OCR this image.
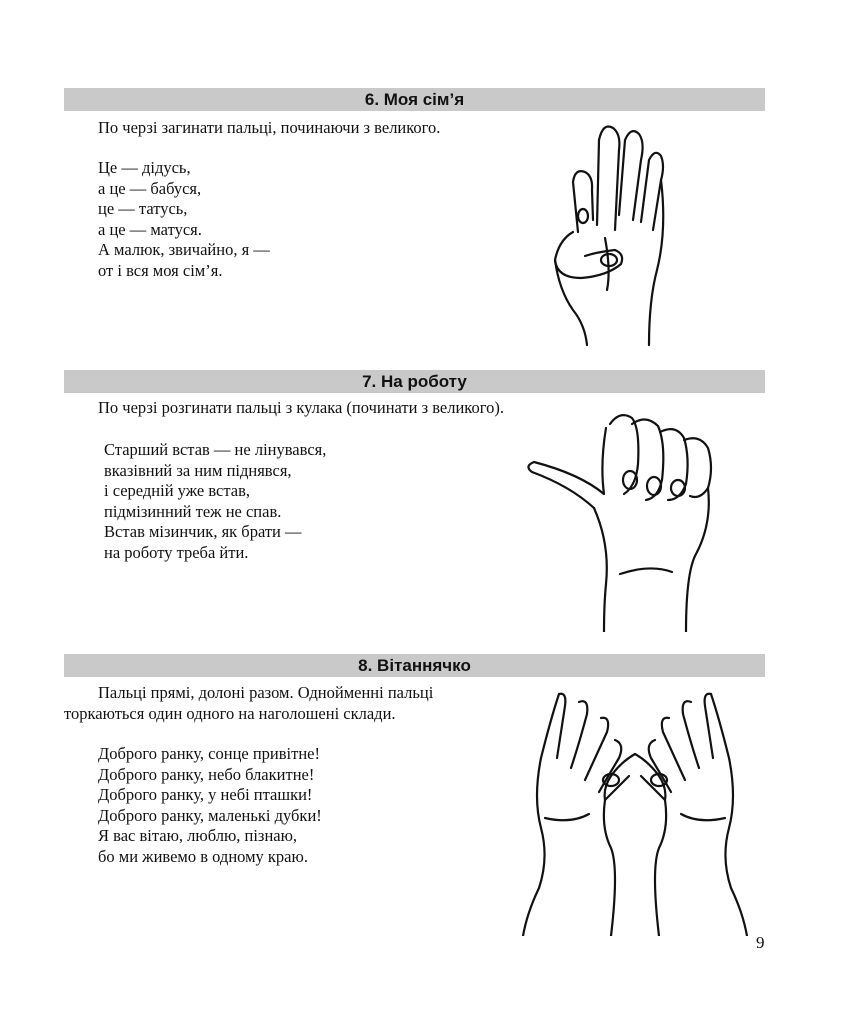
6. Моя сім’я
По черзі загинати пальці, починаючи з великого.
Це — дідусь,
а це — бабуся,
це — татусь,
а це — матуся.
А малюк, звичайно, я —
от і вся моя сім’я.
7. На роботу
По черзі розгинати пальці з кулака (починати з великого).
Старший встав — не лінувався,
вказівний за ним піднявся,
і середній уже встав,
підмізинний теж не спав.
Встав мізинчик, як брати —
на роботу треба йти.
8. Вітаннячко
Пальці прямі, долоні разом. Однойменні пальці
торкаються один одного на наголошені склади.
Доброго ранку, сонце привітне!
Доброго ранку, небо блакитне!
Доброго ранку, у небі пташки!
Доброго ранку, маленькі дубки!
Я вас вітаю, люблю, пізнаю,
бо ми живемо в одному краю.
9
